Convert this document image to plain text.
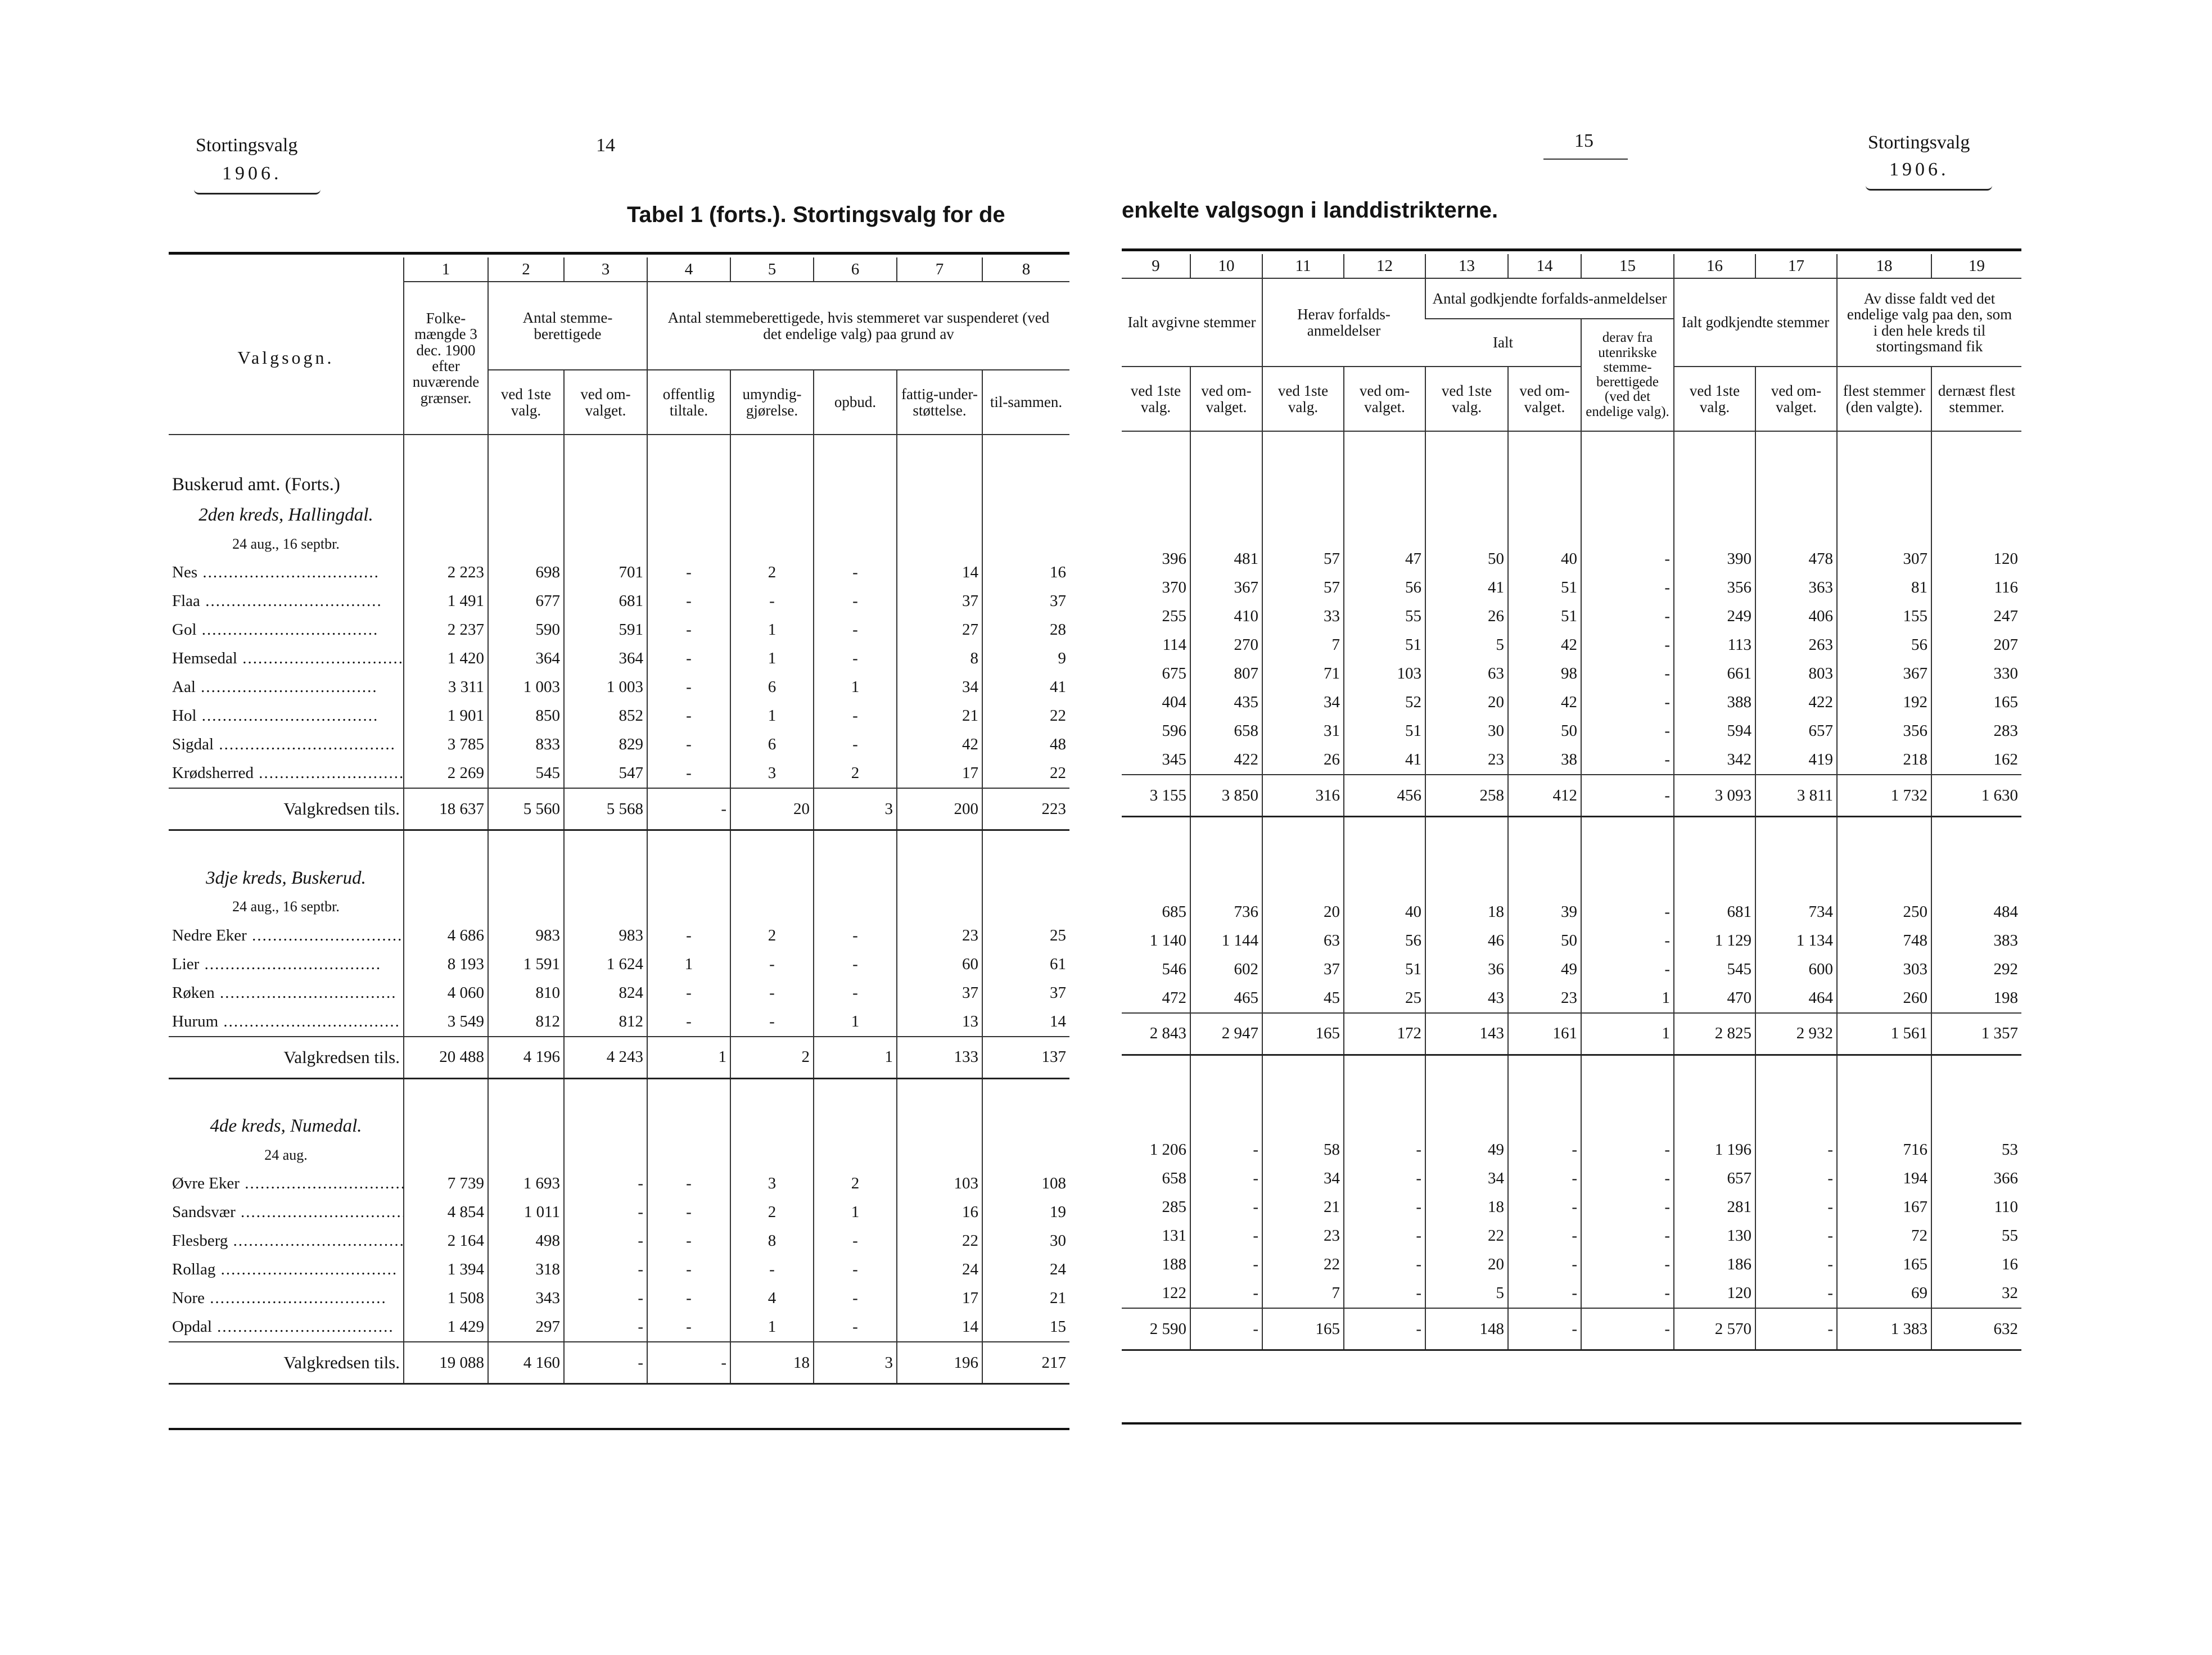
Stortingsvalg
1906.
14
Tabel 1 (forts.). Stortingsvalg for de
15	Stortingsvalg
1906.
enkelte valgsogn i landdistrikterne.
	1	2	3	4	5	6	7	8
Valgsogn.	Folke-mængde 3 dec. 1900 efter nuværende grænser.	Antal stemme-berettigede		Antal stemmeberettigede, hvis stemmeret var suspenderet (ved det endelige valg) paa grund av				
		ved 1ste valg.	ved om-valget.	offentlig tiltale.	umyndig-gjørelse.	opbud.	fattig-under-støttelse.	til-sammen.

Buskerud amt. (Forts.)								
2den kreds, Hallingdal.								
24 aug., 16 septbr.								
Nes .....	2 223	698	701	-	2	-	14	16
Flaa .....	1 491	677	681	-	-	-	37	37
Gol .....	2 237	590	591	-	1	-	27	28
Hemsedal .....	1 420	364	364	-	1	-	8	9
Aal .....	3 311	1 003	1 003	-	6	1	34	41
Hol .....	1 901	850	852	-	1	-	21	22
Sigdal .....	3 785	833	829	-	6	-	42	48
Krødsherred .....	2 269	545	547	-	3	2	17	22
Valgkredsen tils.	18 637	5 560	5 568	-	20	3	200	223

3dje kreds, Buskerud.								
24 aug., 16 septbr.								
Nedre Eker .....	4 686	983	983	-	2	-	23	25
Lier .....	8 193	1 591	1 624	1	-	-	60	61
Røken .....	4 060	810	824	-	-	-	37	37
Hurum .....	3 549	812	812	-	-	1	13	14
Valgkredsen tils.	20 488	4 196	4 243	1	2	1	133	137

4de kreds, Numedal.								
24 aug.								
Øvre Eker .....	7 739	1 693	-	-	3	2	103	108
Sandsvær .....	4 854	1 011	-	-	2	1	16	19
Flesberg .....	2 164	498	-	-	8	-	22	30
Rollag .....	1 394	318	-	-	-	-	24	24
Nore .....	1 508	343	-	-	4	-	17	21
Opdal .....	1 429	297	-	-	1	-	14	15
Valgkredsen tils.	19 088	4 160	-	-	18	3	196	217
9	10	11	12	13	14	15	16	17	18	19
Ialt avgivne stemmer		Herav forfalds-anmeldelser		Antal godkjendte forfalds-anmeldelser			Ialt godkjendte stemmer		Av disse faldt ved det endelige valg paa den, som i den hele kreds til stortingsmand fik	
				Ialt		derav fra utenrikske stemme-berettigede (ved det endelige valg).				
ved 1ste valg.	ved om-valget.	ved 1ste valg.	ved om-valget.	ved 1ste valg.	ved om-valget.		ved 1ste valg.	ved om-valget.	flest stemmer (den valgte).	dernæst flest stemmer.

396	481	57	47	50	40	-	390	478	307	120
370	367	57	56	41	51	-	356	363	81	116
255	410	33	55	26	51	-	249	406	155	247
114	270	7	51	5	42	-	113	263	56	207
675	807	71	103	63	98	-	661	803	367	330
404	435	34	52	20	42	-	388	422	192	165
596	658	31	51	30	50	-	594	657	356	283
345	422	26	41	23	38	-	342	419	218	162
3 155	3 850	316	456	258	412	-	3 093	3 811	1 732	1 630

685	736	20	40	18	39	-	681	734	250	484
1 140	1 144	63	56	46	50	-	1 129	1 134	748	383
546	602	37	51	36	49	-	545	600	303	292
472	465	45	25	43	23	1	470	464	260	198
2 843	2 947	165	172	143	161	1	2 825	2 932	1 561	1 357

1 206	-	58	-	49	-	-	1 196	-	716	53
658	-	34	-	34	-	-	657	-	194	366
285	-	21	-	18	-	-	281	-	167	110
131	-	23	-	22	-	-	130	-	72	55
188	-	22	-	20	-	-	186	-	165	16
122	-	7	-	5	-	-	120	-	69	32
2 590	-	165	-	148	-	-	2 570	-	1 383	632
